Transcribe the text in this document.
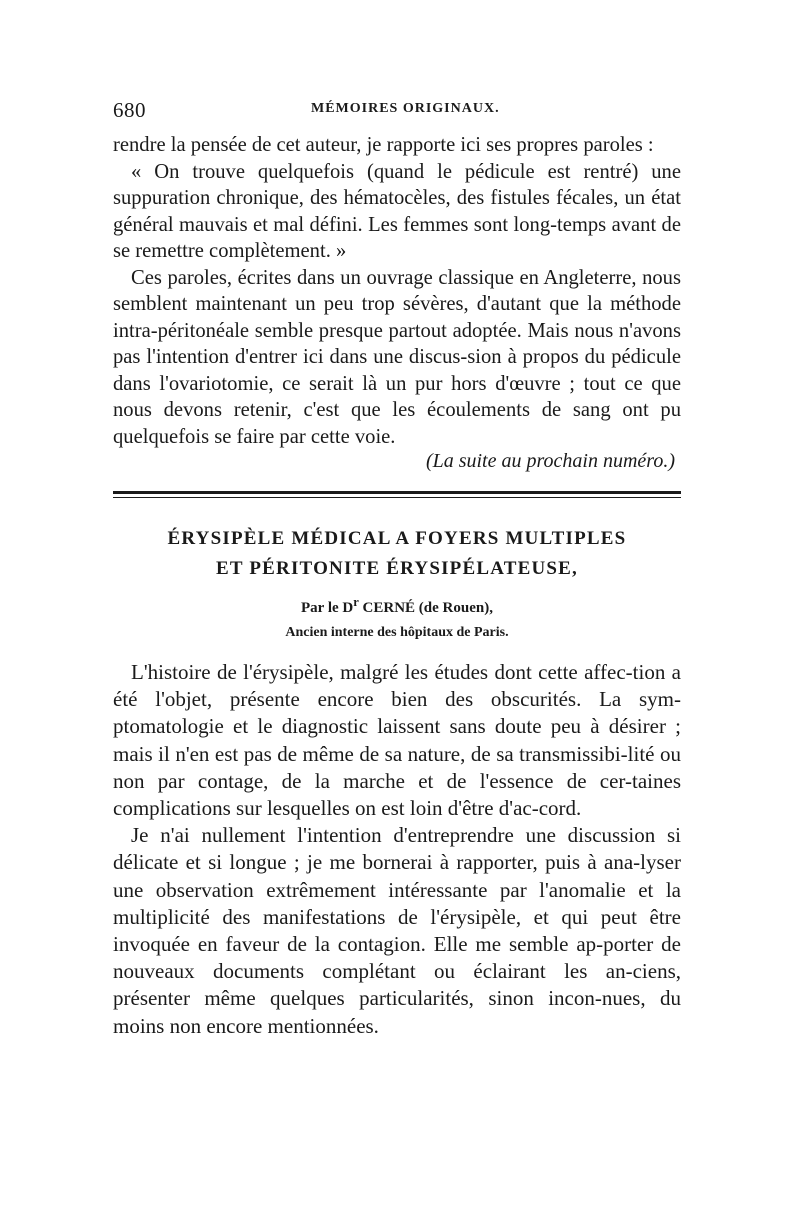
680	MÉMOIRES ORIGINAUX.

rendre la pensée de cet auteur, je rapporte ici ses propres paroles :

« On trouve quelquefois (quand le pédicule est rentré) une suppuration chronique, des hématocèles, des fistules fécales, un état général mauvais et mal défini. Les femmes sont long-temps avant de se remettre complètement. »

Ces paroles, écrites dans un ouvrage classique en Angleterre, nous semblent maintenant un peu trop sévères, d'autant que la méthode intra-péritonéale semble presque partout adoptée. Mais nous n'avons pas l'intention d'entrer ici dans une discus-sion à propos du pédicule dans l'ovariotomie, ce serait là un pur hors d'œuvre ; tout ce que nous devons retenir, c'est que les écoulements de sang ont pu quelquefois se faire par cette voie.

(La suite au prochain numéro.)
ÉRYSIPÈLE MÉDICAL A FOYERS MULTIPLES
ET PÉRITONITE ÉRYSIPÉLATEUSE,
Par le $D^r$ CERNÉ (de Rouen),
Ancien interne des hôpitaux de Paris.

L'histoire de l'érysipèle, malgré les études dont cette affec-tion a été l'objet, présente encore bien des obscurités. La sym-ptomatologie et le diagnostic laissent sans doute peu à désirer ; mais il n'en est pas de même de sa nature, de sa transmissibi-lité ou non par contage, de la marche et de l'essence de cer-taines complications sur lesquelles on est loin d'être d'ac-cord.

Je n'ai nullement l'intention d'entreprendre une discussion si délicate et si longue ; je me bornerai à rapporter, puis à ana-lyser une observation extrêmement intéressante par l'anomalie et la multiplicité des manifestations de l'érysipèle, et qui peut être invoquée en faveur de la contagion. Elle me semble ap-porter de nouveaux documents complétant ou éclairant les an-ciens, présenter même quelques particularités, sinon incon-nues, du moins non encore mentionnées.
